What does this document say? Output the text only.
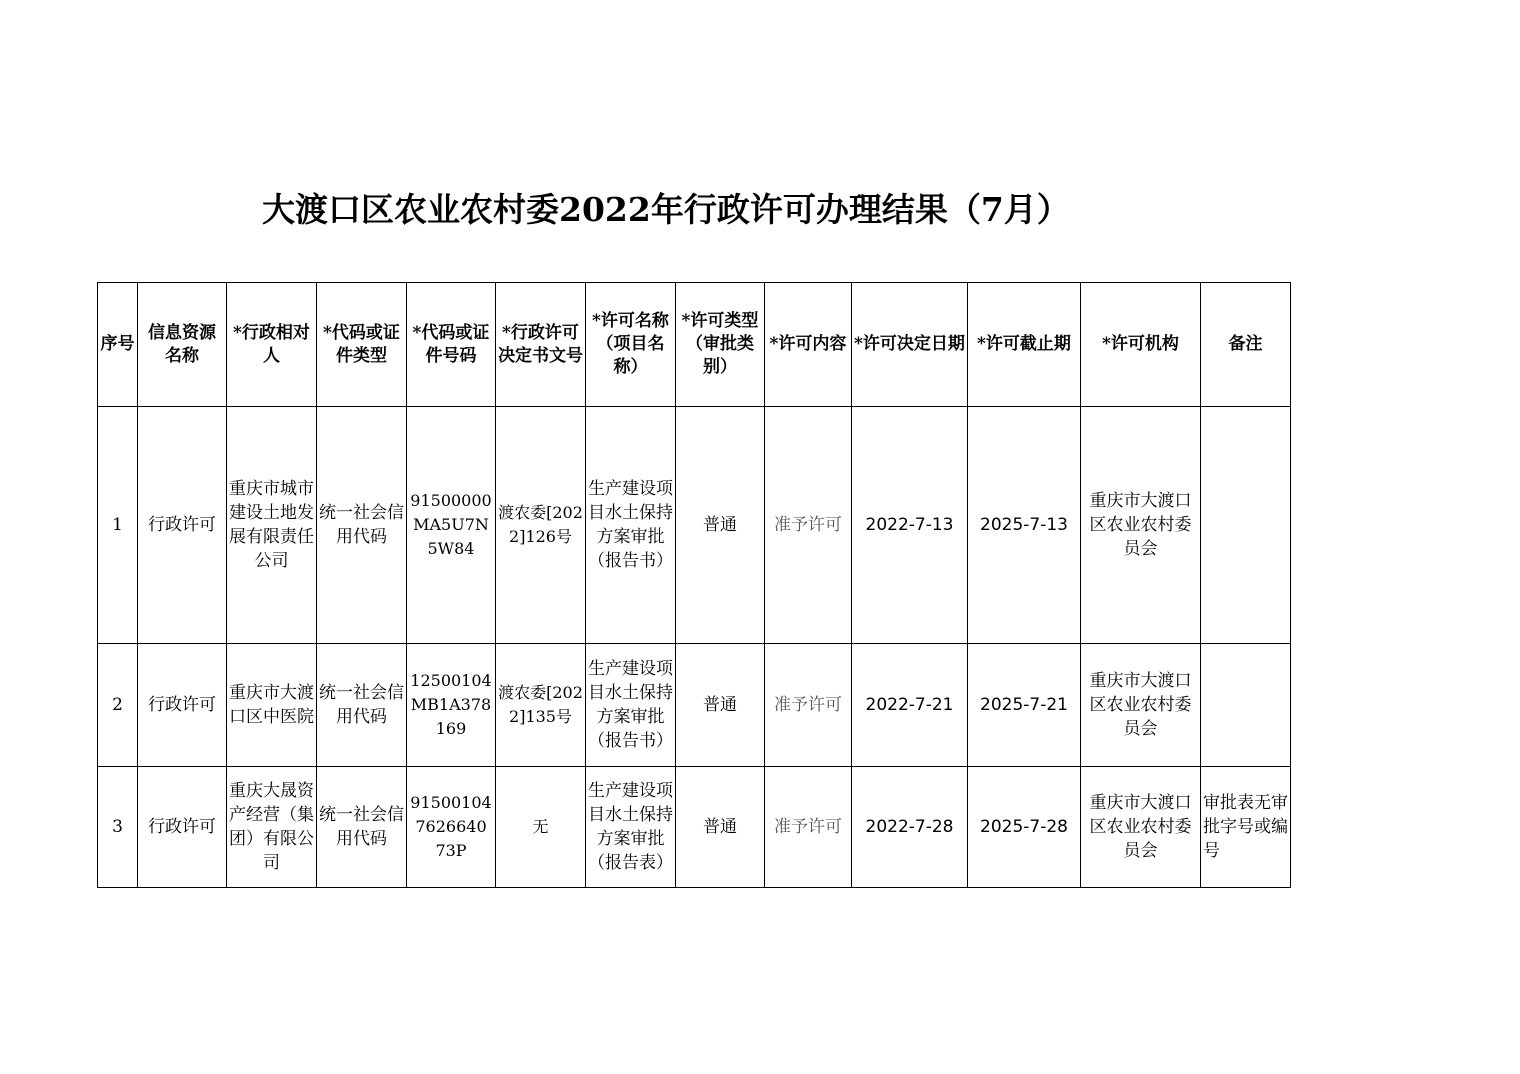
大渡口区农业农村委2022年行政许可办理结果（7月）
序号	信息资源名称	*行政相对人	*代码或证件类型	*代码或证件号码	*行政许可决定书文号	*许可名称（项目名称）	*许可类型（审批类别）	*许可内容	*许可决定日期	*许可截止期	*许可机构	备注
1	行政许可	重庆市城市建设土地发展有限责任公司	统一社会信用代码	91500000MA5U7N5W84	渡农委[2022]126号	生产建设项目水土保持方案审批（报告书）	普通	准予许可	2022-7-13	2025-7-13	重庆市大渡口区农业农村委员会	
2	行政许可	重庆市大渡口区中医院	统一社会信用代码	12500104MB1A378169	渡农委[2022]135号	生产建设项目水土保持方案审批（报告书）	普通	准予许可	2022-7-21	2025-7-21	重庆市大渡口区农业农村委员会	
3	行政许可	重庆大晟资产经营（集团）有限公司	统一社会信用代码	915001047626640 73P	无	生产建设项目水土保持方案审批（报告表）	普通	准予许可	2022-7-28	2025-7-28	重庆市大渡口区农业农村委员会	审批表无审批字号或编号
